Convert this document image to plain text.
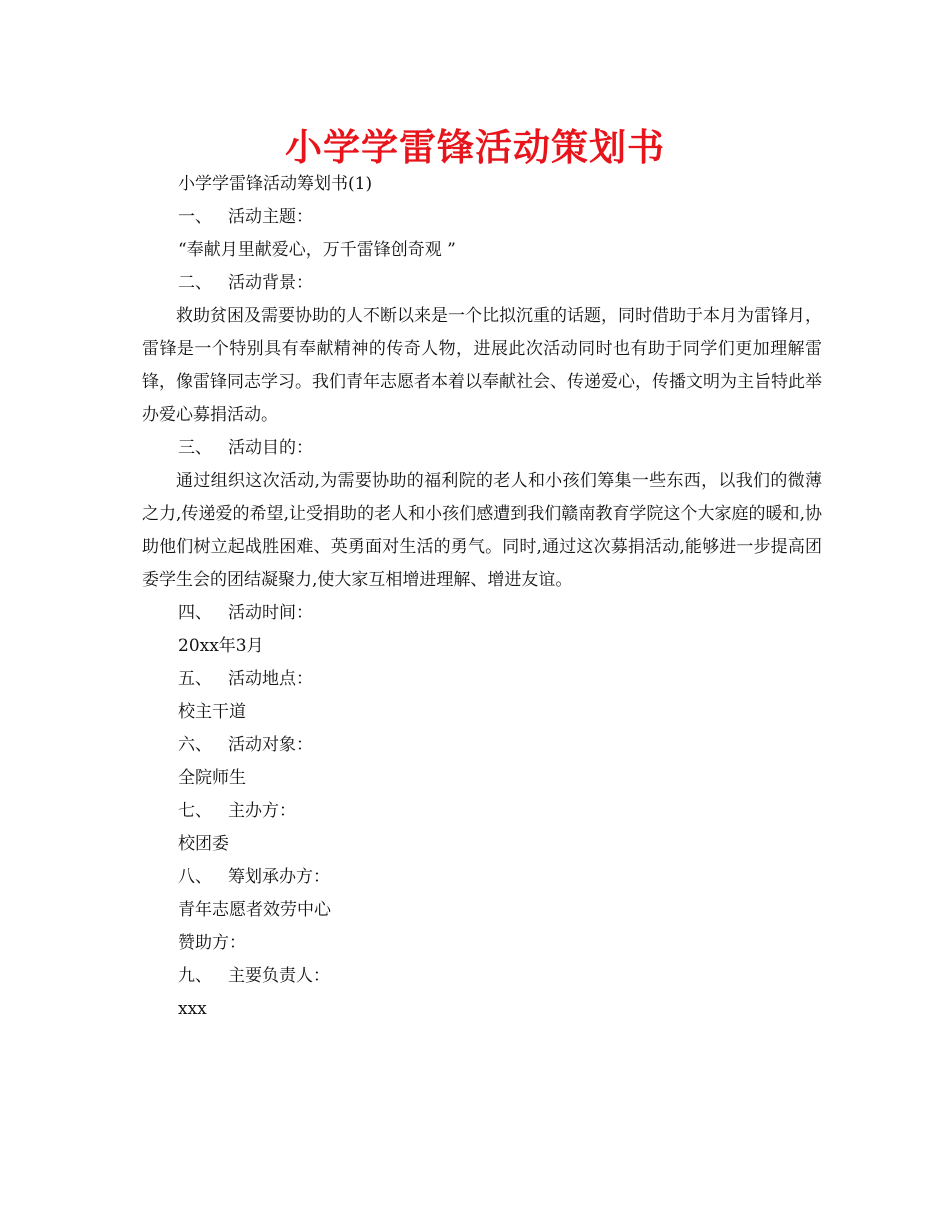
小学学雷锋活动策划书

小学学雷锋活动筹划书(1)

一、 活动主题：

“奉献月里献爱心，万千雷锋创奇观 ”

二、 活动背景：

救助贫困及需要协助的人不断以来是一个比拟沉重的话题，同时借助于本月为雷锋月，雷锋是一个特别具有奉献精神的传奇人物，进展此次活动同时也有助于同学们更加理解雷锋，像雷锋同志学习。我们青年志愿者本着以奉献社会、传递爱心，传播文明为主旨特此举办爱心募捐活动。

三、 活动目的：

通过组织这次活动,为需要协助的福利院的老人和小孩们筹集一些东西，以我们的微薄之力,传递爱的希望,让受捐助的老人和小孩们感遭到我们赣南教育学院这个大家庭的暖和,协助他们树立起战胜困难、英勇面对生活的勇气。同时,通过这次募捐活动,能够进一步提高团委学生会的团结凝聚力,使大家互相增进理解、增进友谊。

四、 活动时间：

20xx年3月

五、 活动地点：

校主干道

六、 活动对象：

全院师生

七、 主办方：

校团委

八、 筹划承办方：

青年志愿者效劳中心

赞助方：

九、 主要负责人：

xxx
